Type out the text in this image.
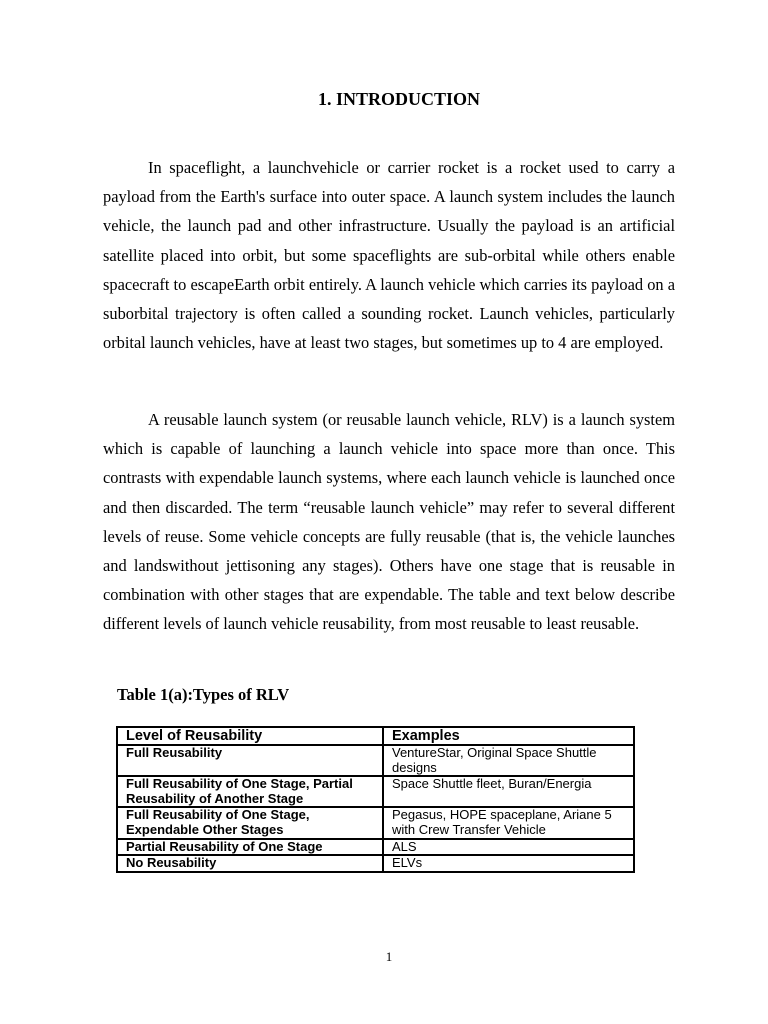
1. INTRODUCTION

In spaceflight, a launchvehicle or carrier rocket is a rocket used to carry a payload from the Earth's surface into outer space. A launch system includes the launch vehicle, the launch pad and other infrastructure. Usually the payload is an artificial satellite placed into orbit, but some spaceflights are sub-orbital while others enable spacecraft to escapeEarth orbit entirely. A launch vehicle which carries its payload on a suborbital trajectory is often called a sounding rocket. Launch vehicles, particularly orbital launch vehicles, have at least two stages, but sometimes up to 4 are employed.

A reusable launch system (or reusable launch vehicle, RLV) is a launch system which is capable of launching a launch vehicle into space more than once. This contrasts with expendable launch systems, where each launch vehicle is launched once and then discarded. The term “reusable launch vehicle” may refer to several different levels of reuse. Some vehicle concepts are fully reusable (that is, the vehicle launches and landswithout jettisoning any stages). Others have one stage that is reusable in combination with other stages that are expendable. The table and text below describe different levels of launch vehicle reusability, from most reusable to least reusable.

Table 1(a):Types of RLV
Level of Reusability	Examples
Full Reusability	VentureStar, Original Space Shuttle designs
Full Reusability of One Stage, Partial Reusability of Another Stage	Space Shuttle fleet, Buran/Energia
Full Reusability of One Stage, Expendable Other Stages	Pegasus, HOPE spaceplane, Ariane 5 with Crew Transfer Vehicle
Partial Reusability of One Stage	ALS
No Reusability	ELVs
1
